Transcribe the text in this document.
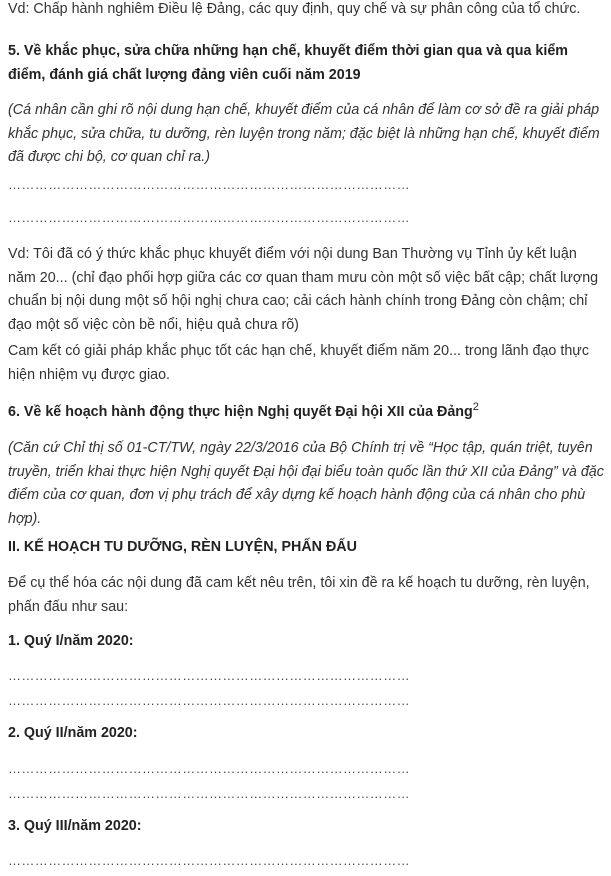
Vd: Chấp hành nghiêm Điều lệ Đảng, các quy định, quy chế và sự phân công của tổ chức.

5. Về khắc phục, sửa chữa những hạn chế, khuyết điểm thời gian qua và qua kiểm điểm, đánh giá chất lượng đảng viên cuối năm 2019

(Cá nhân cần ghi rõ nội dung hạn chế, khuyết điểm của cá nhân để làm cơ sở đề ra giải pháp khắc phục, sửa chữa, tu dưỡng, rèn luyện trong năm; đặc biệt là những hạn chế, khuyết điểm đã được chi bộ, cơ quan chỉ ra.)

………………………………………………………………………………

………………………………………………………………………………

Vd: Tôi đã có ý thức khắc phục khuyết điểm với nội dung Ban Thường vụ Tỉnh ủy kết luận năm 20... (chỉ đạo phối hợp giữa các cơ quan tham mưu còn một số việc bất cập; chất lượng chuẩn bị nội dung một số hội nghị chưa cao; cải cách hành chính trong Đảng còn chậm; chỉ đạo một số việc còn bề nổi, hiệu quả chưa rõ)

Cam kết có giải pháp khắc phục tốt các hạn chế, khuyết điểm năm 20... trong lãnh đạo thực hiện nhiệm vụ được giao.

6. Về kế hoạch hành động thực hiện Nghị quyết Đại hội XII của Đảng$^2$

(Căn cứ Chỉ thị số 01-CT/TW, ngày 22/3/2016 của Bộ Chính trị về “Học tập, quán triệt, tuyên truyền, triển khai thực hiện Nghị quyết Đại hội đại biểu toàn quốc lần thứ XII của Đảng” và đặc điểm của cơ quan, đơn vị phụ trách để xây dựng kế hoạch hành động của cá nhân cho phù hợp).

II. KẾ HOẠCH TU DƯỠNG, RÈN LUYỆN, PHẤN ĐẤU

Để cụ thể hóa các nội dung đã cam kết nêu trên, tôi xin đề ra kế hoạch tu dưỡng, rèn luyện, phấn đấu như sau:

1. Quý I/năm 2020:

………………………………………………………………………………

………………………………………………………………………………

2. Quý II/năm 2020:

………………………………………………………………………………

………………………………………………………………………………

3. Quý III/năm 2020:

………………………………………………………………………………
